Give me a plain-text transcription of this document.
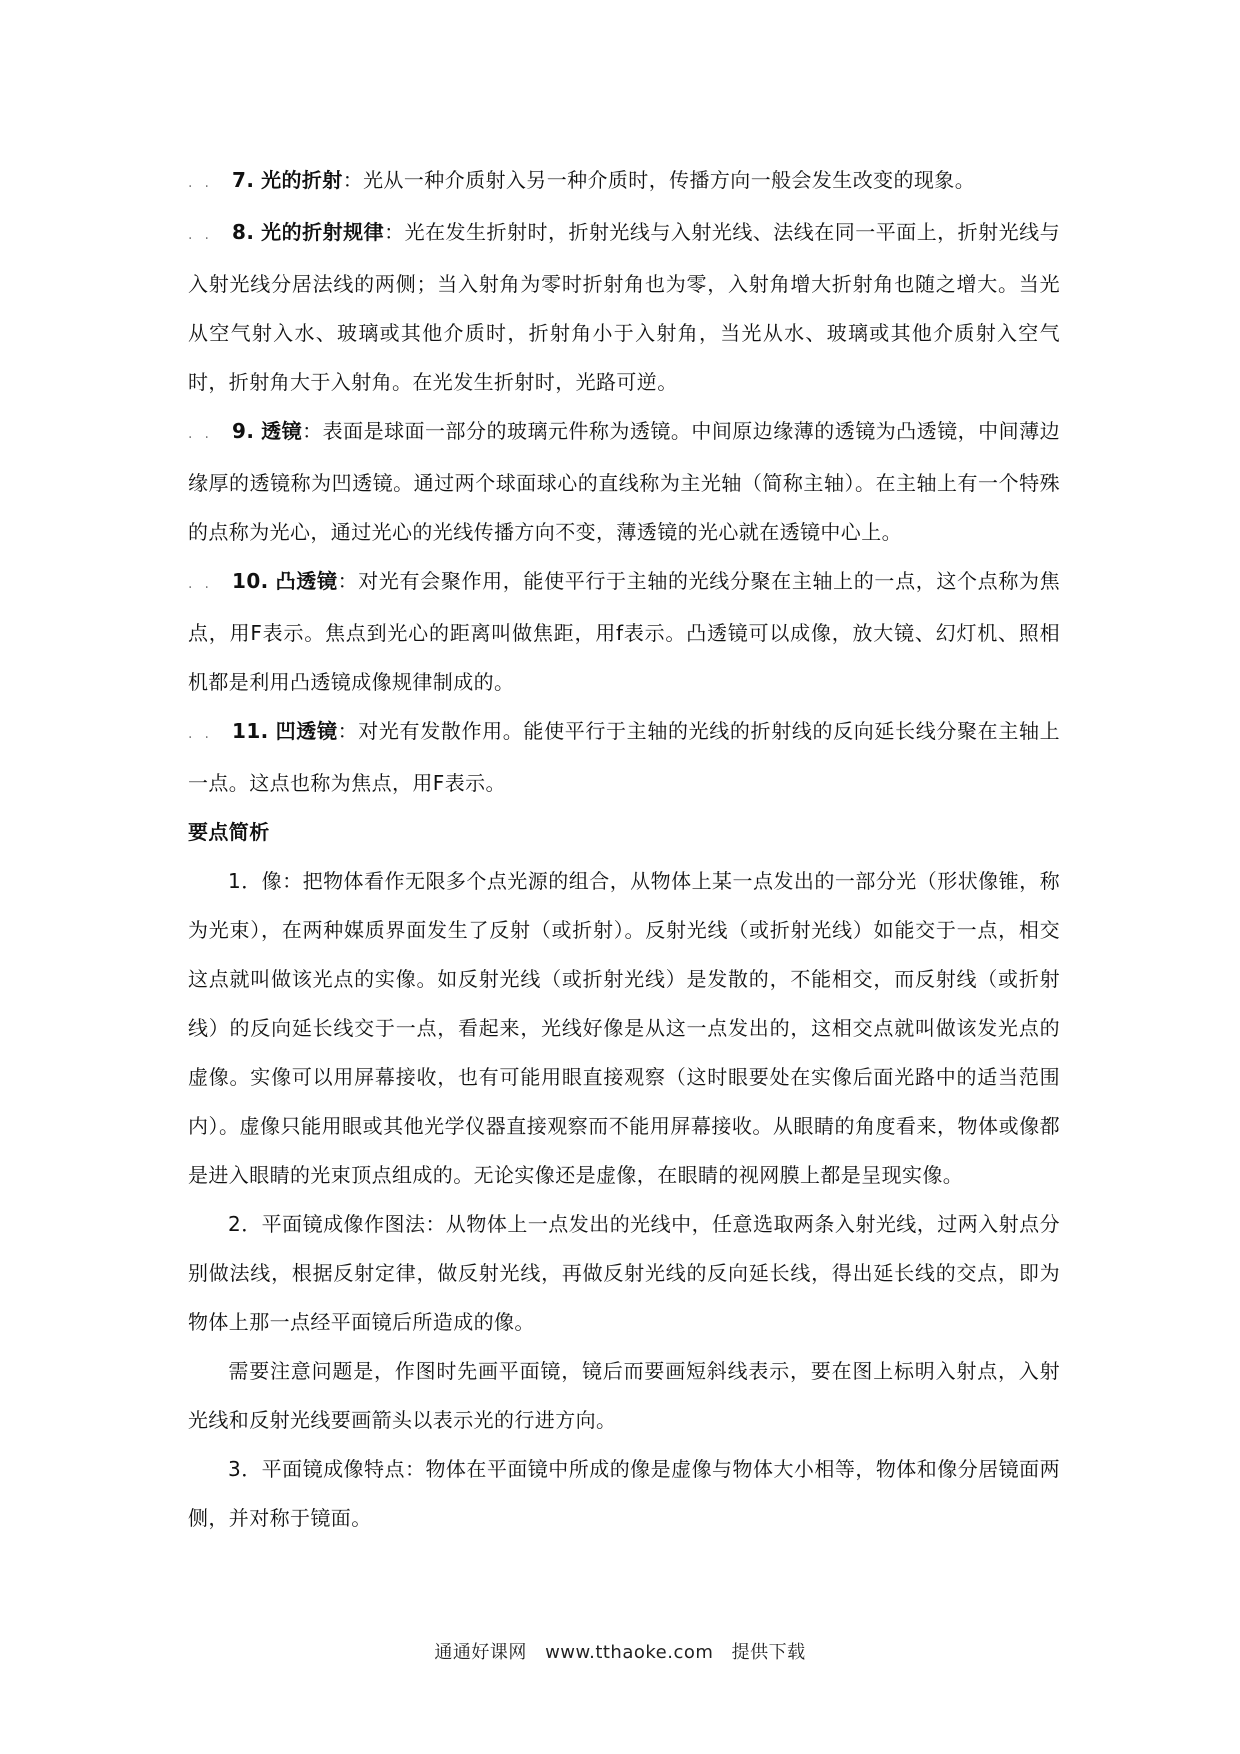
.. 7. 光的折射：光从一种介质射入另一种介质时，传播方向一般会发生改变的现象。

.. 8. 光的折射规律：光在发生折射时，折射光线与入射光线、法线在同一平面上，折射光线与入射光线分居法线的两侧；当入射角为零时折射角也为零，入射角增大折射角也随之增大。当光从空气射入水、玻璃或其他介质时，折射角小于入射角，当光从水、玻璃或其他介质射入空气时，折射角大于入射角。在光发生折射时，光路可逆。

.. 9. 透镜：表面是球面一部分的玻璃元件称为透镜。中间原边缘薄的透镜为凸透镜，中间薄边缘厚的透镜称为凹透镜。通过两个球面球心的直线称为主光轴（简称主轴）。在主轴上有一个特殊的点称为光心，通过光心的光线传播方向不变，薄透镜的光心就在透镜中心上。

.. 10. 凸透镜：对光有会聚作用，能使平行于主轴的光线分聚在主轴上的一点，这个点称为焦点，用F表示。焦点到光心的距离叫做焦距，用f表示。凸透镜可以成像，放大镜、幻灯机、照相机都是利用凸透镜成像规律制成的。

.. 11. 凹透镜：对光有发散作用。能使平行于主轴的光线的折射线的反向延长线分聚在主轴上一点。这点也称为焦点，用F表示。

要点简析

1．像：把物体看作无限多个点光源的组合，从物体上某一点发出的一部分光（形状像锥，称为光束），在两种媒质界面发生了反射（或折射）。反射光线（或折射光线）如能交于一点，相交这点就叫做该光点的实像。如反射光线（或折射光线）是发散的，不能相交，而反射线（或折射线）的反向延长线交于一点，看起来，光线好像是从这一点发出的，这相交点就叫做该发光点的虚像。实像可以用屏幕接收，也有可能用眼直接观察（这时眼要处在实像后面光路中的适当范围内）。虚像只能用眼或其他光学仪器直接观察而不能用屏幕接收。从眼睛的角度看来，物体或像都是进入眼睛的光束顶点组成的。无论实像还是虚像，在眼睛的视网膜上都是呈现实像。

2．平面镜成像作图法：从物体上一点发出的光线中，任意选取两条入射光线，过两入射点分别做法线，根据反射定律，做反射光线，再做反射光线的反向延长线，得出延长线的交点，即为物体上那一点经平面镜后所造成的像。

需要注意问题是，作图时先画平面镜，镜后而要画短斜线表示，要在图上标明入射点，入射光线和反射光线要画箭头以表示光的行进方向。

3．平面镜成像特点：物体在平面镜中所成的像是虚像与物体大小相等，物体和像分居镜面两侧，并对称于镜面。

通通好课网 www.tthaoke.com 提供下载
